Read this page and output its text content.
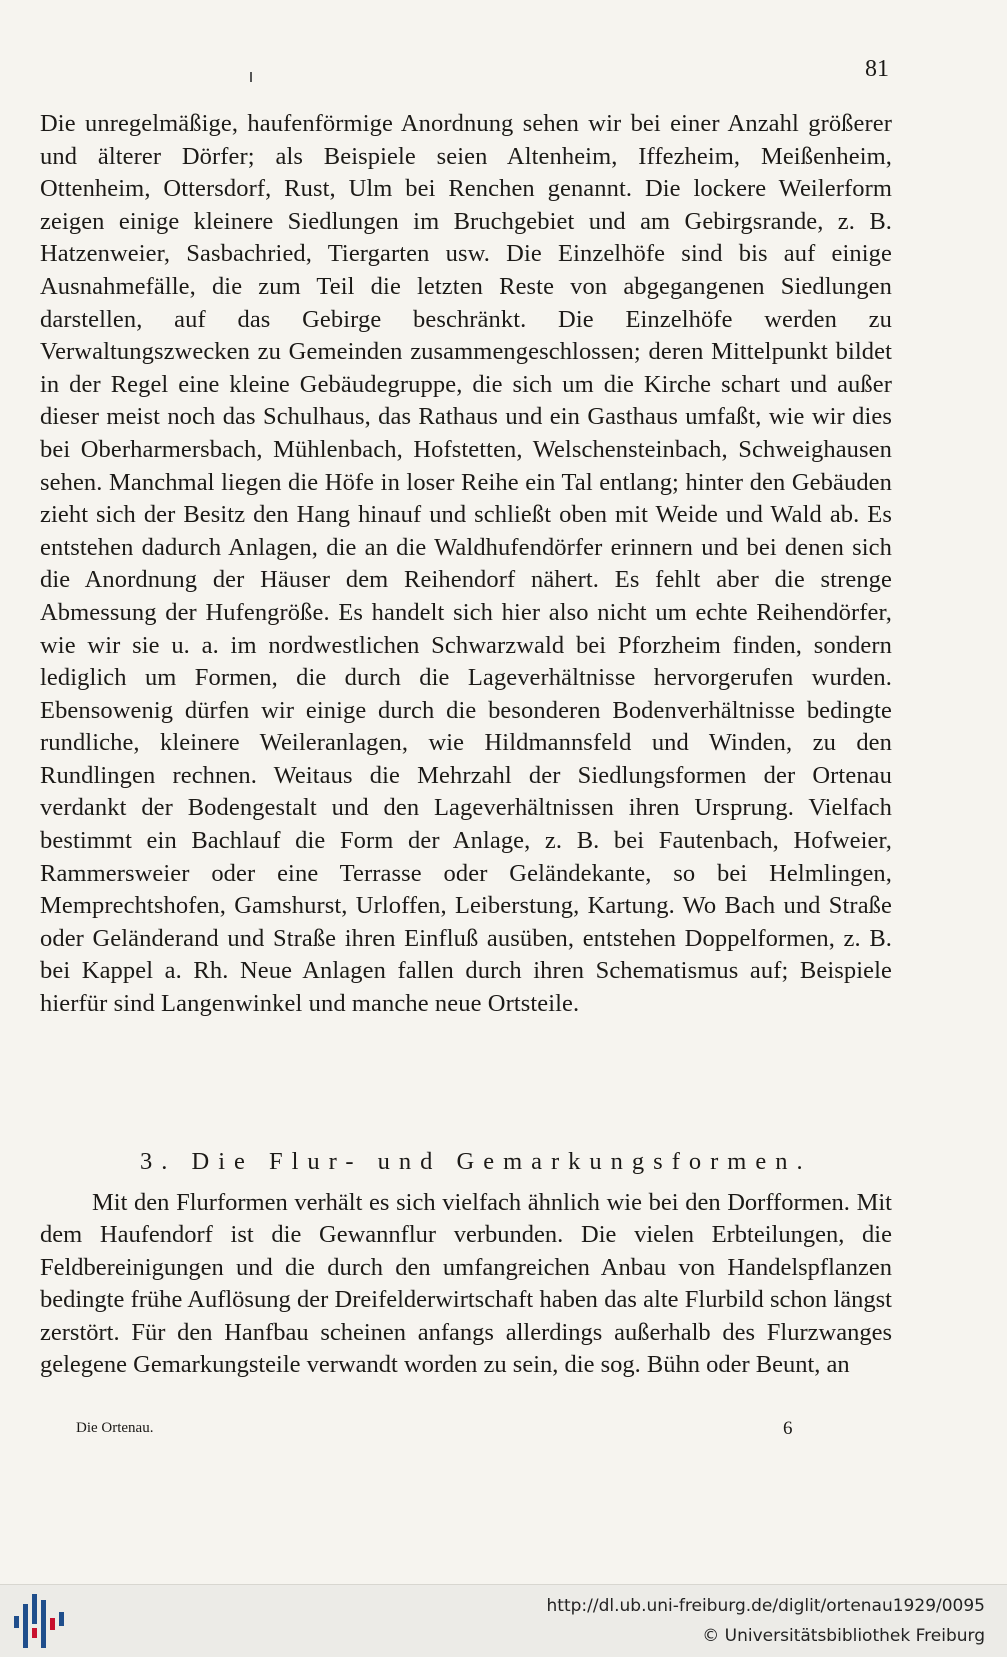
81

Die unregelmäßige, haufenförmige Anordnung sehen wir bei einer Anzahl größerer und älterer Dörfer; als Beispiele seien Altenheim, Iffezheim, Meißenheim, Ottenheim, Ottersdorf, Rust, Ulm bei Renchen genannt. Die lockere Weilerform zeigen einige kleinere Siedlungen im Bruchgebiet und am Gebirgsrande, z. B. Hatzenweier, Sasbachried, Tiergarten usw. Die Einzelhöfe sind bis auf einige Ausnahmefälle, die zum Teil die letzten Reste von abgegangenen Siedlungen darstellen, auf das Gebirge beschränkt. Die Einzelhöfe werden zu Verwaltungszwecken zu Gemeinden zusammengeschlossen; deren Mittelpunkt bildet in der Regel eine kleine Gebäudegruppe, die sich um die Kirche schart und außer dieser meist noch das Schulhaus, das Rathaus und ein Gasthaus umfaßt, wie wir dies bei Oberharmersbach, Mühlenbach, Hofstetten, Welschensteinbach, Schweighausen sehen. Manchmal liegen die Höfe in loser Reihe ein Tal entlang; hinter den Gebäuden zieht sich der Besitz den Hang hinauf und schließt oben mit Weide und Wald ab. Es entstehen dadurch Anlagen, die an die Waldhufendörfer erinnern und bei denen sich die Anordnung der Häuser dem Reihendorf nähert. Es fehlt aber die strenge Abmessung der Hufengröße. Es handelt sich hier also nicht um echte Reihendörfer, wie wir sie u. a. im nordwestlichen Schwarzwald bei Pforzheim finden, sondern lediglich um Formen, die durch die Lageverhältnisse hervorgerufen wurden. Ebensowenig dürfen wir einige durch die besonderen Bodenverhältnisse bedingte rundliche, kleinere Weileranlagen, wie Hildmannsfeld und Winden, zu den Rundlingen rechnen. Weitaus die Mehrzahl der Siedlungsformen der Ortenau verdankt der Bodengestalt und den Lageverhältnissen ihren Ursprung. Vielfach bestimmt ein Bachlauf die Form der Anlage, z. B. bei Fautenbach, Hofweier, Rammersweier oder eine Terrasse oder Geländekante, so bei Helmlingen, Memprechtshofen, Gamshurst, Urloffen, Leiberstung, Kartung. Wo Bach und Straße oder Geländerand und Straße ihren Einfluß ausüben, entstehen Doppelformen, z. B. bei Kappel a. Rh. Neue Anlagen fallen durch ihren Schematismus auf; Beispiele hierfür sind Langenwinkel und manche neue Ortsteile.

3. Die Flur- und Gemarkungsformen.

Mit den Flurformen verhält es sich vielfach ähnlich wie bei den Dorfformen. Mit dem Haufendorf ist die Gewannflur verbunden. Die vielen Erbteilungen, die Feldbereinigungen und die durch den umfangreichen Anbau von Handelspflanzen bedingte frühe Auflösung der Dreifelderwirtschaft haben das alte Flurbild schon längst zerstört. Für den Hanfbau scheinen anfangs allerdings außerhalb des Flurzwanges gelegene Gemarkungsteile verwandt worden zu sein, die sog. Bühn oder Beunt, an

Die Ortenau.	6
http://dl.ub.uni-freiburg.de/diglit/ortenau1929/0095
© Universitätsbibliothek Freiburg
